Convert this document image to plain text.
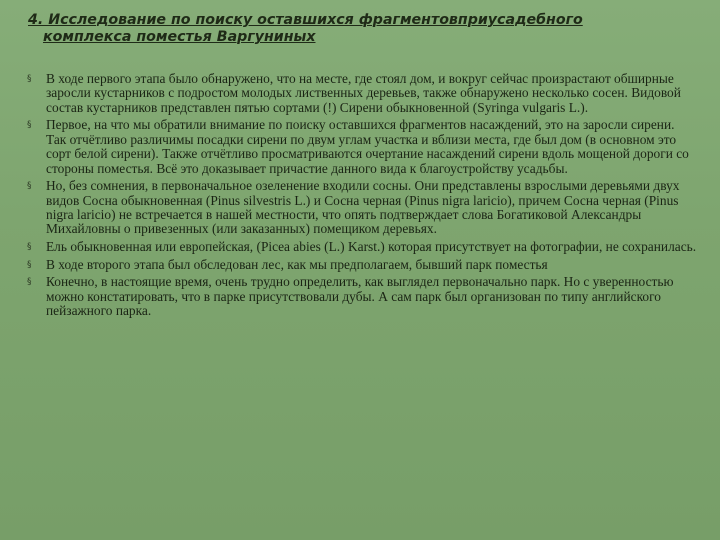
4. Исследование по поиску оставшихся фрагментовприусадебного
комплекса поместья Варгуниных
§ В ходе первого этапа было обнаружено, что на месте, где стоял дом, и вокруг сейчас произрастают обширные заросли кустарников с подростом молодых лиственных деревьев, также обнаружено несколько сосен. Видовой состав кустарников представлен пятью сортами (!) Сирени обыкновенной (Syringa vulgaris L.).
§ Первое, на что мы обратили внимание по поиску оставшихся фрагментов насаждений, это на заросли сирени. Так отчётливо различимы посадки сирени по двум углам участка и вблизи места, где был дом (в основном это сорт белой сирени). Также отчётливо просматриваются очертание насаждений сирени вдоль мощеной дороги со стороны поместья. Всё это доказывает причастие данного вида к благоустройству усадьбы.
§ Но, без сомнения, в первоначальное озеленение входили сосны. Они представлены взрослыми деревьями двух видов Сосна обыкновенная (Pinus silvestris L.) и Сосна черная (Pinus nigra laricio), причем Сосна черная (Pinus nigra laricio) не встречается в нашей местности, что опять подтверждает слова Богатиковой Александры Михайловны о привезенных (или заказанных) помещиком деревьях.
§ Ель обыкновенная или европейская, (Picea abies (L.) Karst.) которая присутствует на фотографии, не сохранилась.
§ В ходе второго этапа был обследован лес, как мы предполагаем, бывший парк поместья
§ Конечно, в настоящие время, очень трудно определить, как выглядел первоначально парк. Но с уверенностью можно констатировать, что в парке присутствовали дубы. А сам парк был организован по типу английского пейзажного парка.
